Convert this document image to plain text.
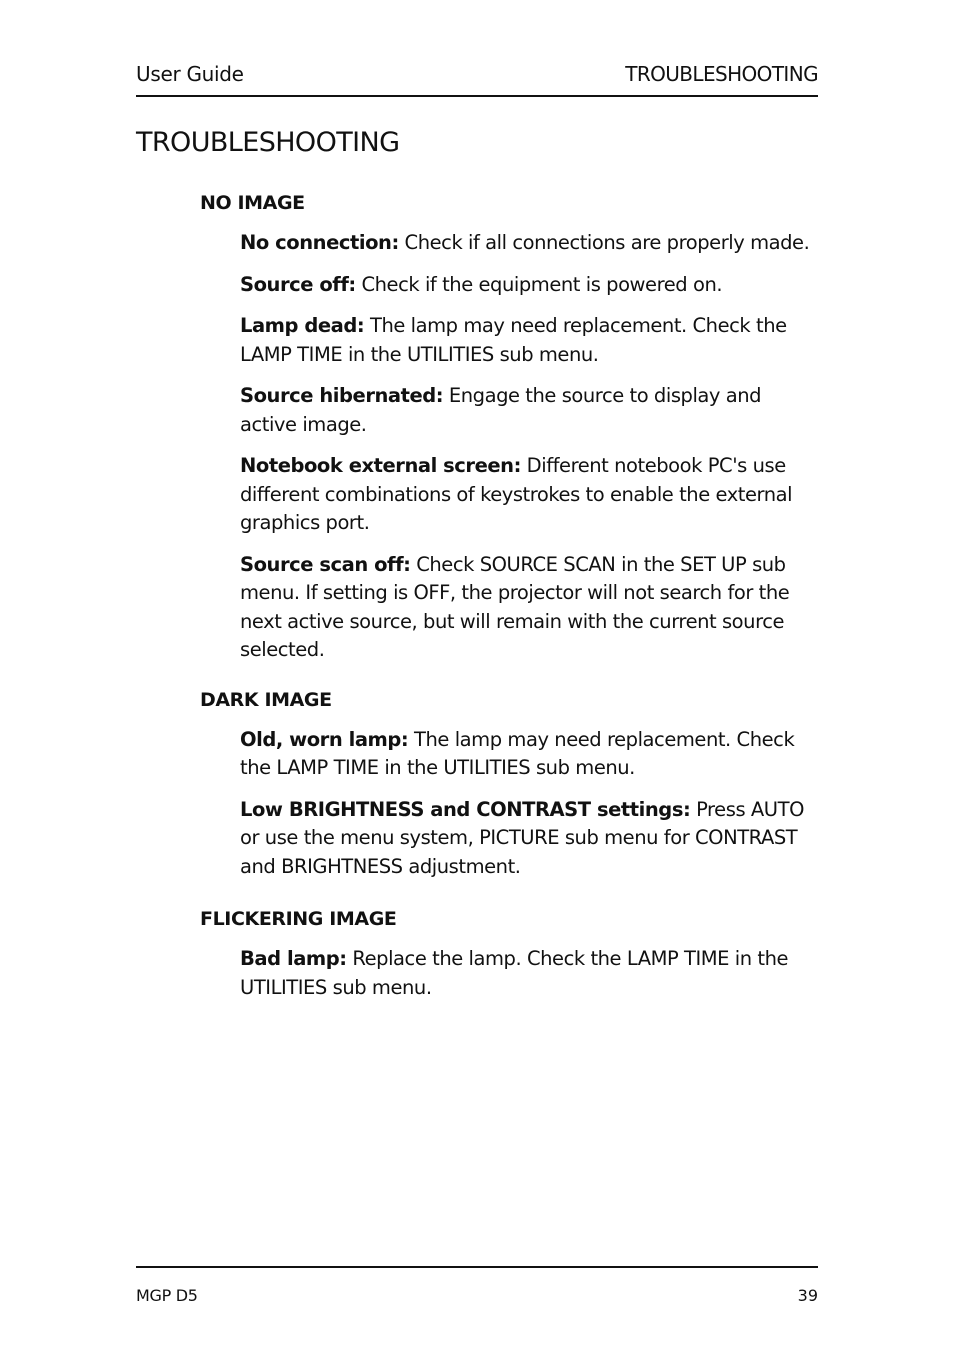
User Guide	TROUBLESHOOTING
TROUBLESHOOTING
NO IMAGE

No connection: Check if all connections are properly made.

Source off: Check if the equipment is powered on.

Lamp dead: The lamp may need replacement. Check the LAMP TIME in the UTILITIES sub menu.

Source hibernated: Engage the source to display and active image.

Notebook external screen: Different notebook PC's use different combinations of keystrokes to enable the external graphics port.

Source scan off: Check SOURCE SCAN in the SET UP sub menu. If setting is OFF, the projector will not search for the next active source, but will remain with the current source selected.

DARK IMAGE

Old, worn lamp: The lamp may need replacement. Check the LAMP TIME in the UTILITIES sub menu.

Low BRIGHTNESS and CONTRAST settings: Press AUTO or use the menu system, PICTURE sub menu for CONTRAST and BRIGHTNESS adjustment.

FLICKERING IMAGE

Bad lamp: Replace the lamp. Check the LAMP TIME in the UTILITIES sub menu.

MGP D5	39
